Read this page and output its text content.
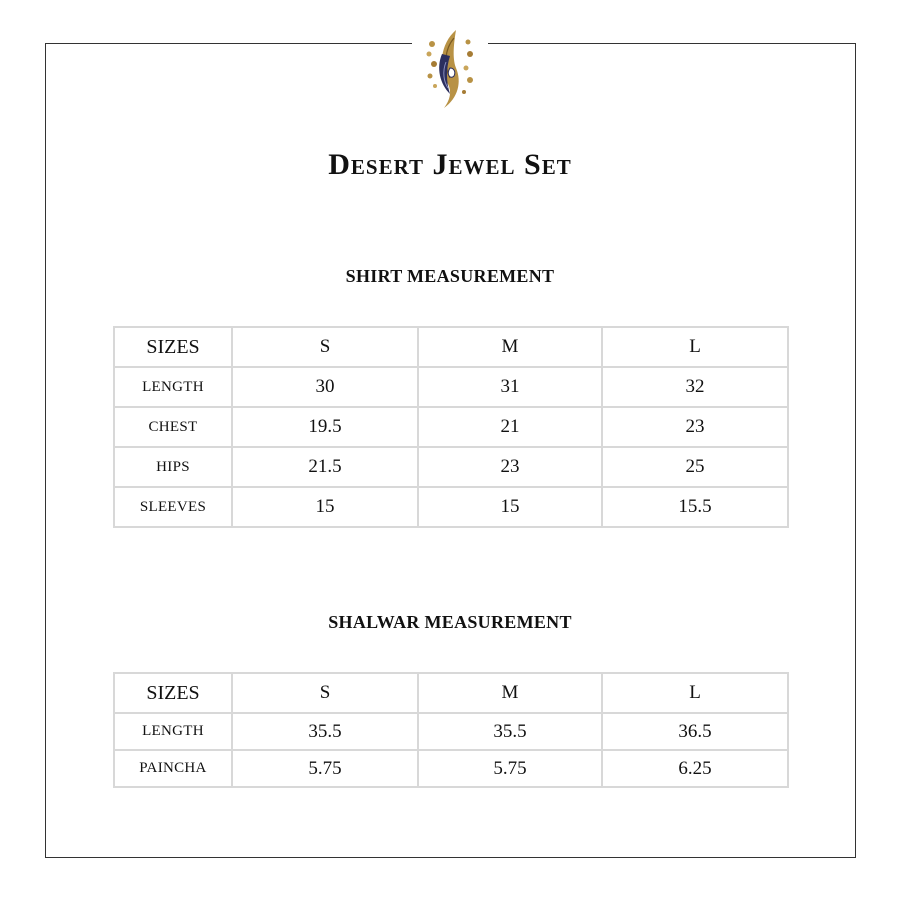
Desert Jewel Set
SHIRT MEASUREMENT
SIZES	S	M	L
LENGTH	30	31	32
CHEST	19.5	21	23
HIPS	21.5	23	25
SLEEVES	15	15	15.5
SHALWAR MEASUREMENT
SIZES	S	M	L
LENGTH	35.5	35.5	36.5
PAINCHA	5.75	5.75	6.25
